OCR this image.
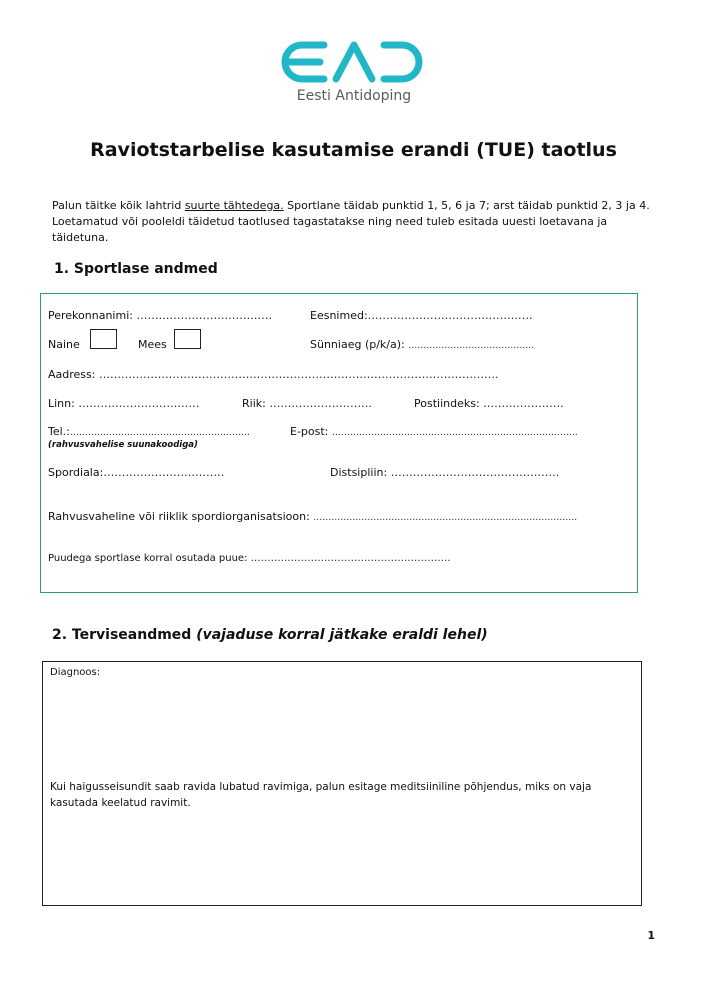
Eesti Antidoping
Raviotstarbelise kasutamise erandi (TUE) taotlus
Palun täitke kõik lahtrid suurte tähtedega. Sportlane täidab punktid 1, 5, 6 ja 7; arst täidab punktid 2, 3 ja 4. Loetamatud või pooleldi täidetud taotlused tagastatakse ning need tuleb esitada uuesti loetavana ja täidetuna.
1. Sportlase andmed
Perekonnanimi: ……………………………….	Eesnimed:………………………………………
Naine	Mees	Sünniaeg (p/k/a): ……………………………………
Aadress: ……………………………………………………………………………………………….
Linn: ……………………………	Riik: ……………………….	Postiindeks: ………………….
Tel.:……………………………………………………
(rahvusvahelise suunakoodiga)
E-post: ……………………………………………………………………….
Spordiala:……………………………	Distsipliin: ……………………………………….
Rahvusvaheline või riiklik spordiorganisatsioon: …………………………………………………………………………….
Puudega sportlase korral osutada puue: ……………………………………………………
2. Terviseandmed (vajaduse korral jätkake eraldi lehel)
Diagnoos:
Kui haigusseisundit saab ravida lubatud ravimiga, palun esitage meditsiiniline põhjendus, miks on vaja kasutada keelatud ravimit.
1
